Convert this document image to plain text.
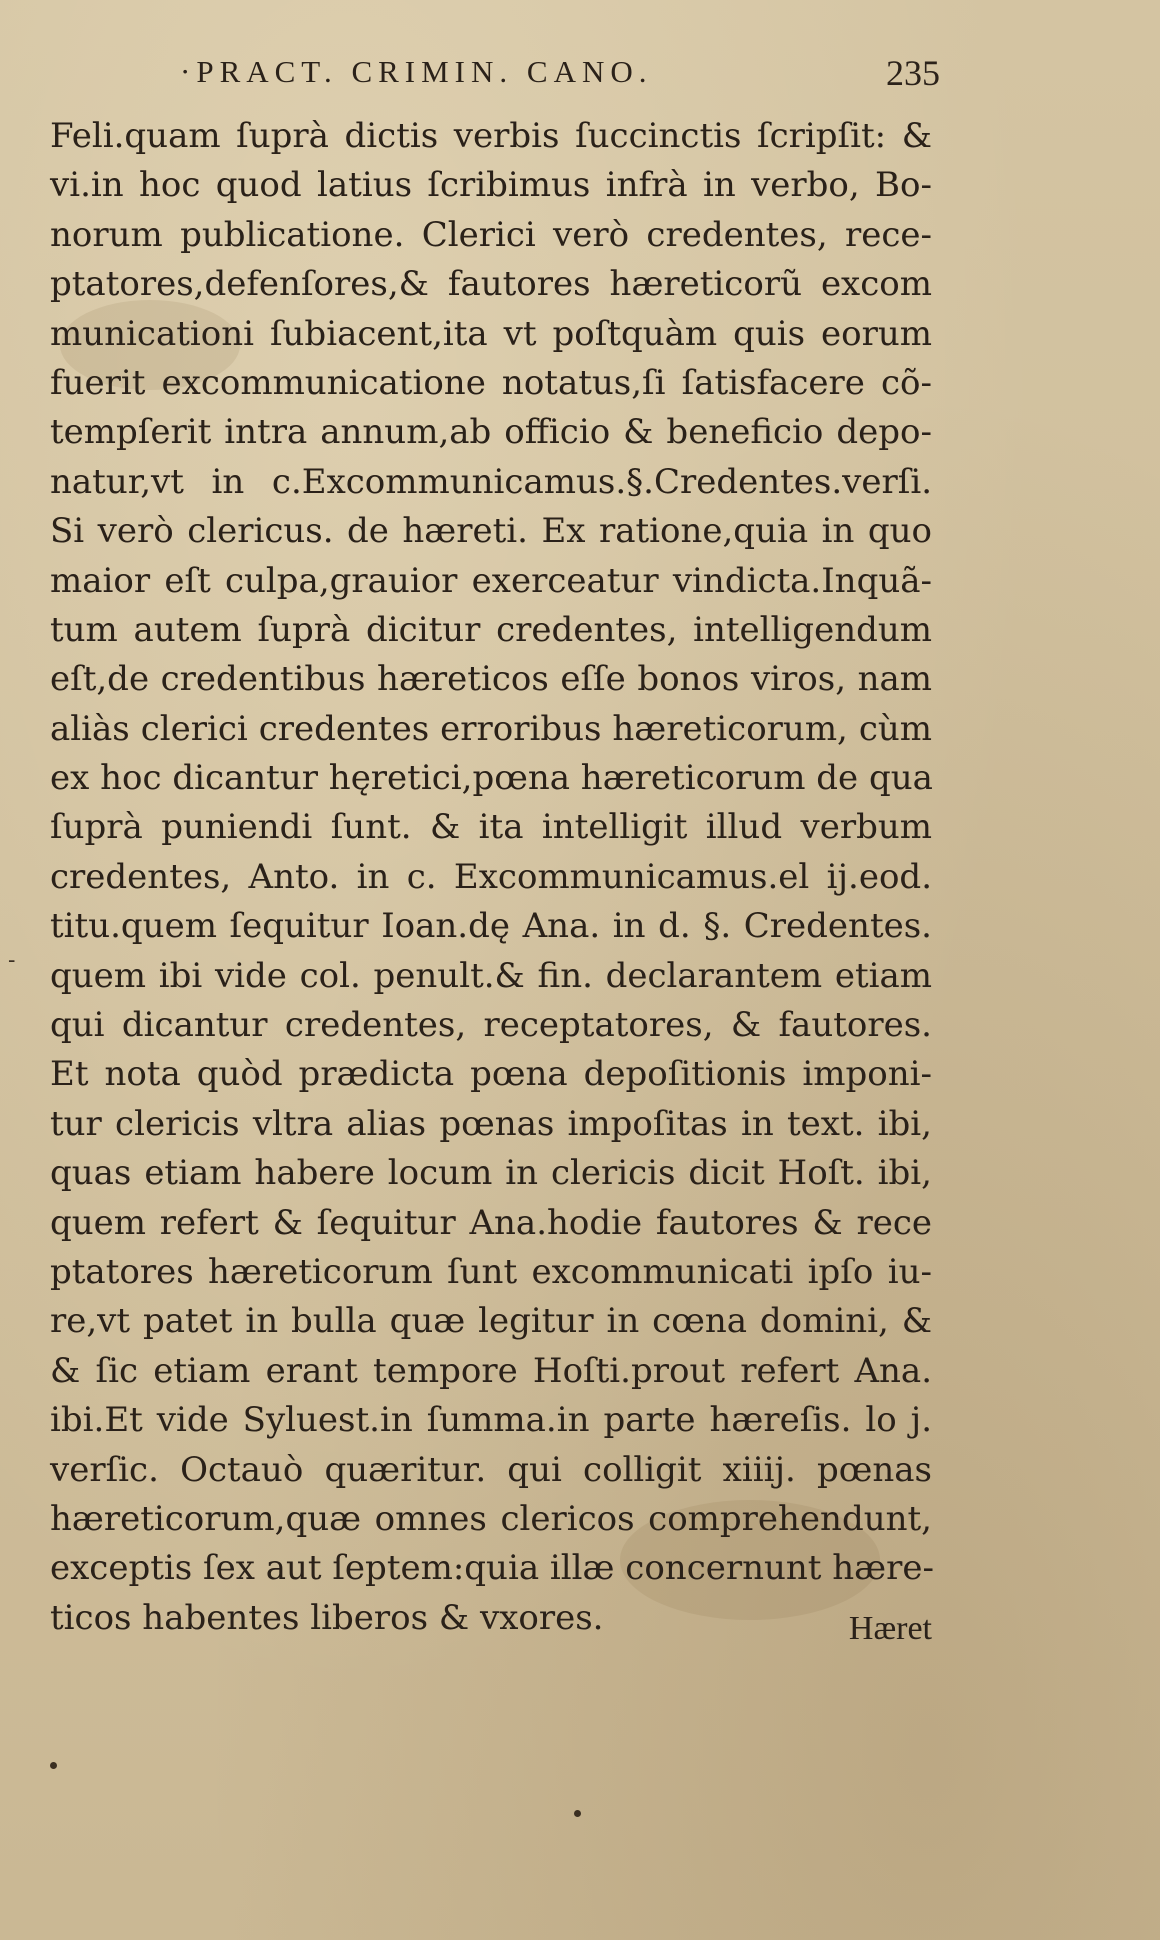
·PRACT. CRIMIN. CANO.	235
-
Feli.quam ſuprà dictis verbis ſuccinctis ſcripſit: &
vi.in hoc quod latius ſcribimus infrà in verbo, Bo-
norum publicatione. Clerici verò credentes, rece-
ptatores,defenſores,& fautores hæreticorũ excom
municationi ſubiacent,ita vt poſtquàm quis eorum
fuerit excommunicatione notatus,ſi ſatisfacere cõ-
tempſerit intra annum,ab officio & beneficio depo-
natur,vt in c.Excommunicamus.§.Credentes.verſi.
Si verò clericus. de hæreti. Ex ratione,quia in quo
maior eſt culpa,grauior exerceatur vindicta.Inquã-
tum autem ſuprà dicitur credentes, intelligendum
eſt,de credentibus hæreticos eſſe bonos viros, nam
aliàs clerici credentes erroribus hæreticorum, cùm
ex hoc dicantur hęretici,pœna hæreticorum de qua
ſuprà puniendi ſunt. & ita intelligit illud verbum
credentes, Anto. in c. Excommunicamus.el ij.eod.
titu.quem ſequitur Ioan.dę Ana. in d. §. Credentes.
quem ibi vide col. penult.& fin. declarantem etiam
qui dicantur credentes, receptatores, & fautores.
Et nota quòd prædicta pœna depoſitionis imponi-
tur clericis vltra alias pœnas impoſitas in text. ibi,
quas etiam habere locum in clericis dicit Hoſt. ibi,
quem refert & ſequitur Ana.hodie fautores & rece
ptatores hæreticorum ſunt excommunicati ipſo iu-
re,vt patet in bulla quæ legitur in cœna domini, &
& ſic etiam erant tempore Hoſti.prout refert Ana.
ibi.Et vide Syluest.in ſumma.in parte hæreſis. lo j.
verſic. Octauò quæritur. qui colligit xiiij. pœnas
hæreticorum,quæ omnes clericos comprehendunt,
exceptis ſex aut ſeptem:quia illæ concernunt hære-
ticos habentes liberos & vxores.	Hæret
